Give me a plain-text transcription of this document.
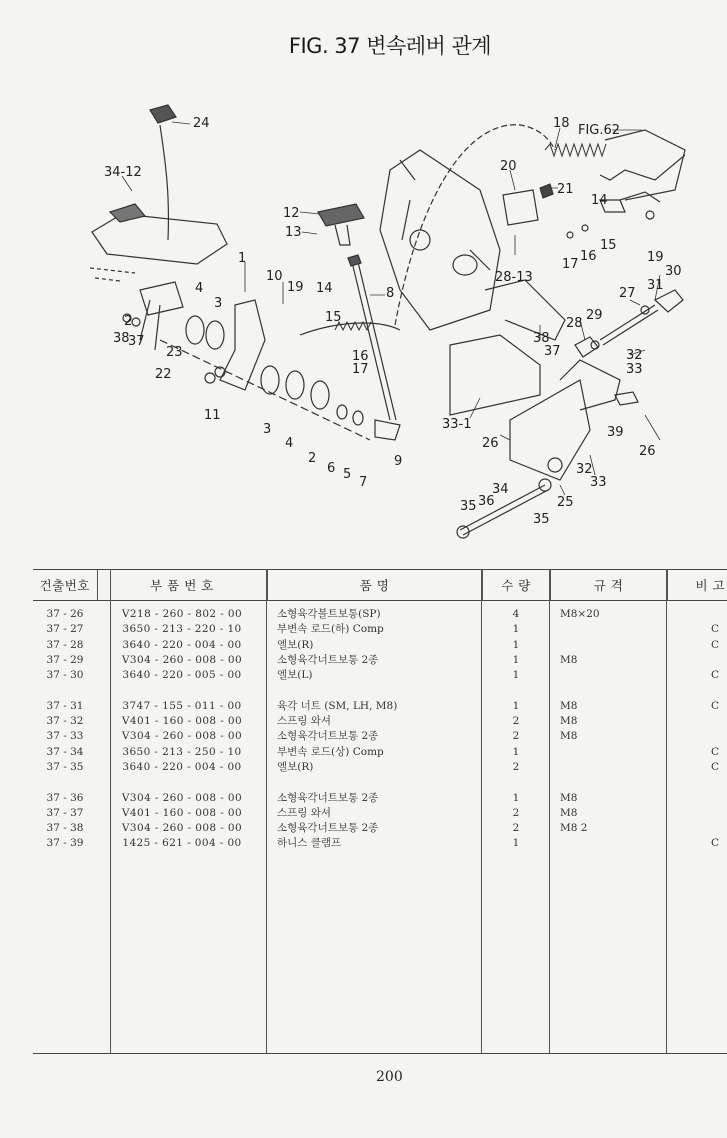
FIG. 37 변속레버 관계
24
34-12
12
13
20
21
18 FIG.62
14
15
16
17	19
30
31
27
28
29
32
33
28-13
38
37
33-1
26
39
26
32
33
25
34
36
35
35
1
10
19 14
15
16
17
8
2
3
4
22
23
37
38
11
3
4
2
6 5
7
9
건출번호	부 품 번 호	품 명	수 량	규 격	비 고

37 - 26	V218 - 260 - 802 - 00	소형육각볼트보통(SP)	4	M8×20	
37 - 27	3650 - 213 - 220 - 10	부변속 로드(하) Comp	1		C
37 - 28	3640 - 220 - 004 - 00	엘보(R)	1		C
37 - 29	V304 - 260 - 008 - 00	소형육각너트보통 2종	1	M8	
37 - 30	3640 - 220 - 005 - 00	엘보(L)	1		C

37 - 31	3747 - 155 - 011 - 00	육각 너트 (SM, LH, M8)	1	M8	C
37 - 32	V401 - 160 - 008 - 00	스프링 와셔	2	M8	
37 - 33	V304 - 260 - 008 - 00	소형육각너트보통 2종	2	M8	
37 - 34	3650 - 213 - 250 - 10	부변속 로드(상) Comp	1		C
37 - 35	3640 - 220 - 004 - 00	엘보(R)	2		C

37 - 36	V304 - 260 - 008 - 00	소형육각너트보통 2종	1	M8	
37 - 37	V401 - 160 - 008 - 00	스프링 와셔	2	M8	
37 - 38	V304 - 260 - 008 - 00	소형육각너트보통 2종	2	M8 2	
37 - 39	1425 - 621 - 004 - 00	하니스 클램프	1		C
200
